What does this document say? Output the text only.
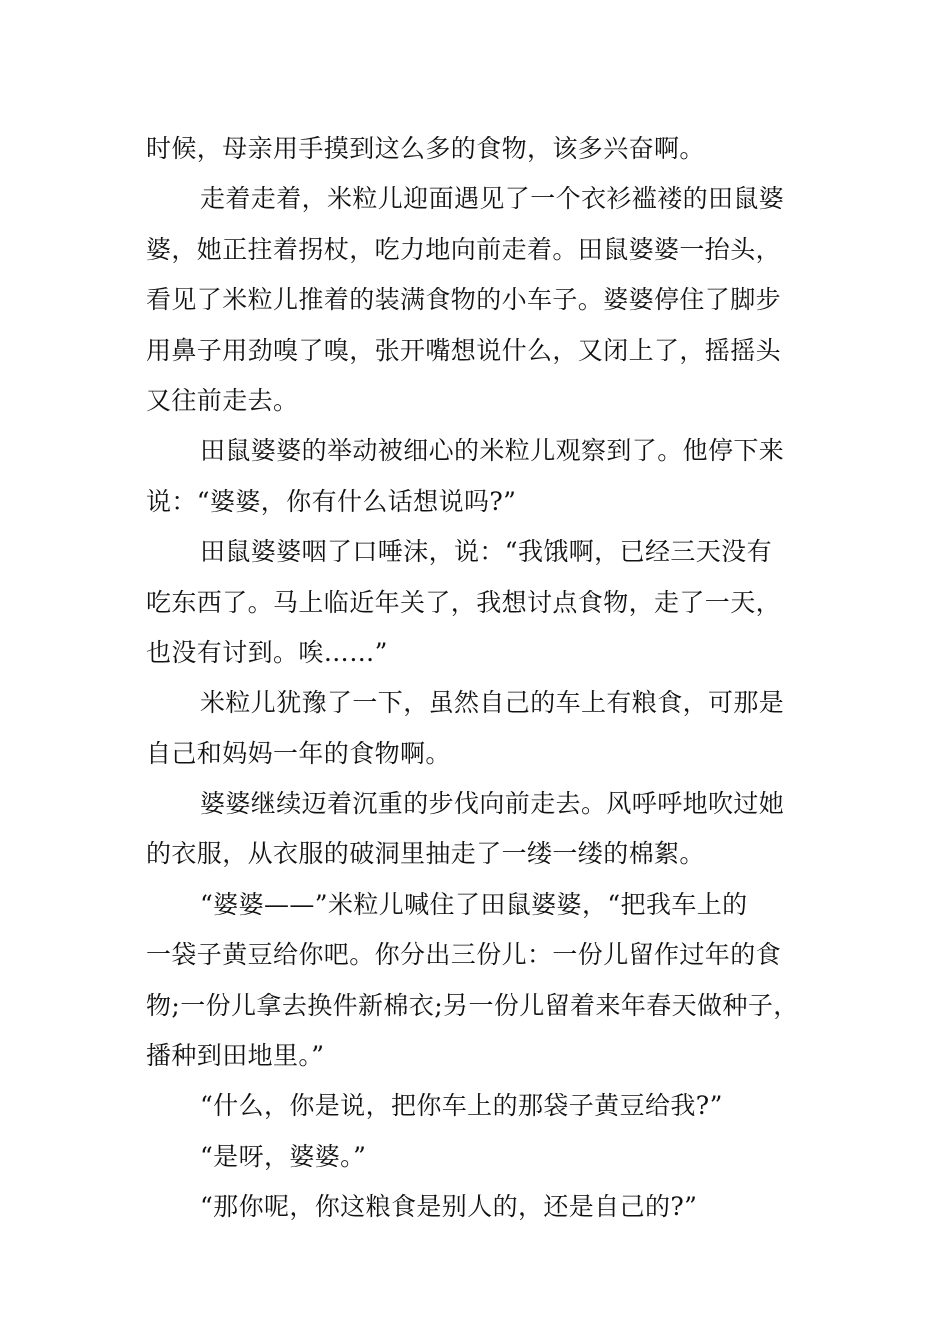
时候，母亲用手摸到这么多的食物，该多兴奋啊。
走着走着，米粒儿迎面遇见了一个衣衫褴褛的田鼠婆
婆，她正拄着拐杖，吃力地向前走着。田鼠婆婆一抬头，
看见了米粒儿推着的装满食物的小车子。婆婆停住了脚步
用鼻子用劲嗅了嗅，张开嘴想说什么，又闭上了，摇摇头
又往前走去。
田鼠婆婆的举动被细心的米粒儿观察到了。他停下来
说：“婆婆，你有什么话想说吗?”
田鼠婆婆咽了口唾沫，说：“我饿啊，已经三天没有
吃东西了。马上临近年关了，我想讨点食物，走了一天，
也没有讨到。唉……”
米粒儿犹豫了一下，虽然自己的车上有粮食，可那是
自己和妈妈一年的食物啊。
婆婆继续迈着沉重的步伐向前走去。风呼呼地吹过她
的衣服，从衣服的破洞里抽走了一缕一缕的棉絮。
“婆婆——”米粒儿喊住了田鼠婆婆，“把我车上的
一袋子黄豆给你吧。你分出三份儿：一份儿留作过年的食
物;一份儿拿去换件新棉衣;另一份儿留着来年春天做种子，
播种到田地里。”
“什么，你是说，把你车上的那袋子黄豆给我?”
“是呀，婆婆。”
“那你呢，你这粮食是别人的，还是自己的?”
